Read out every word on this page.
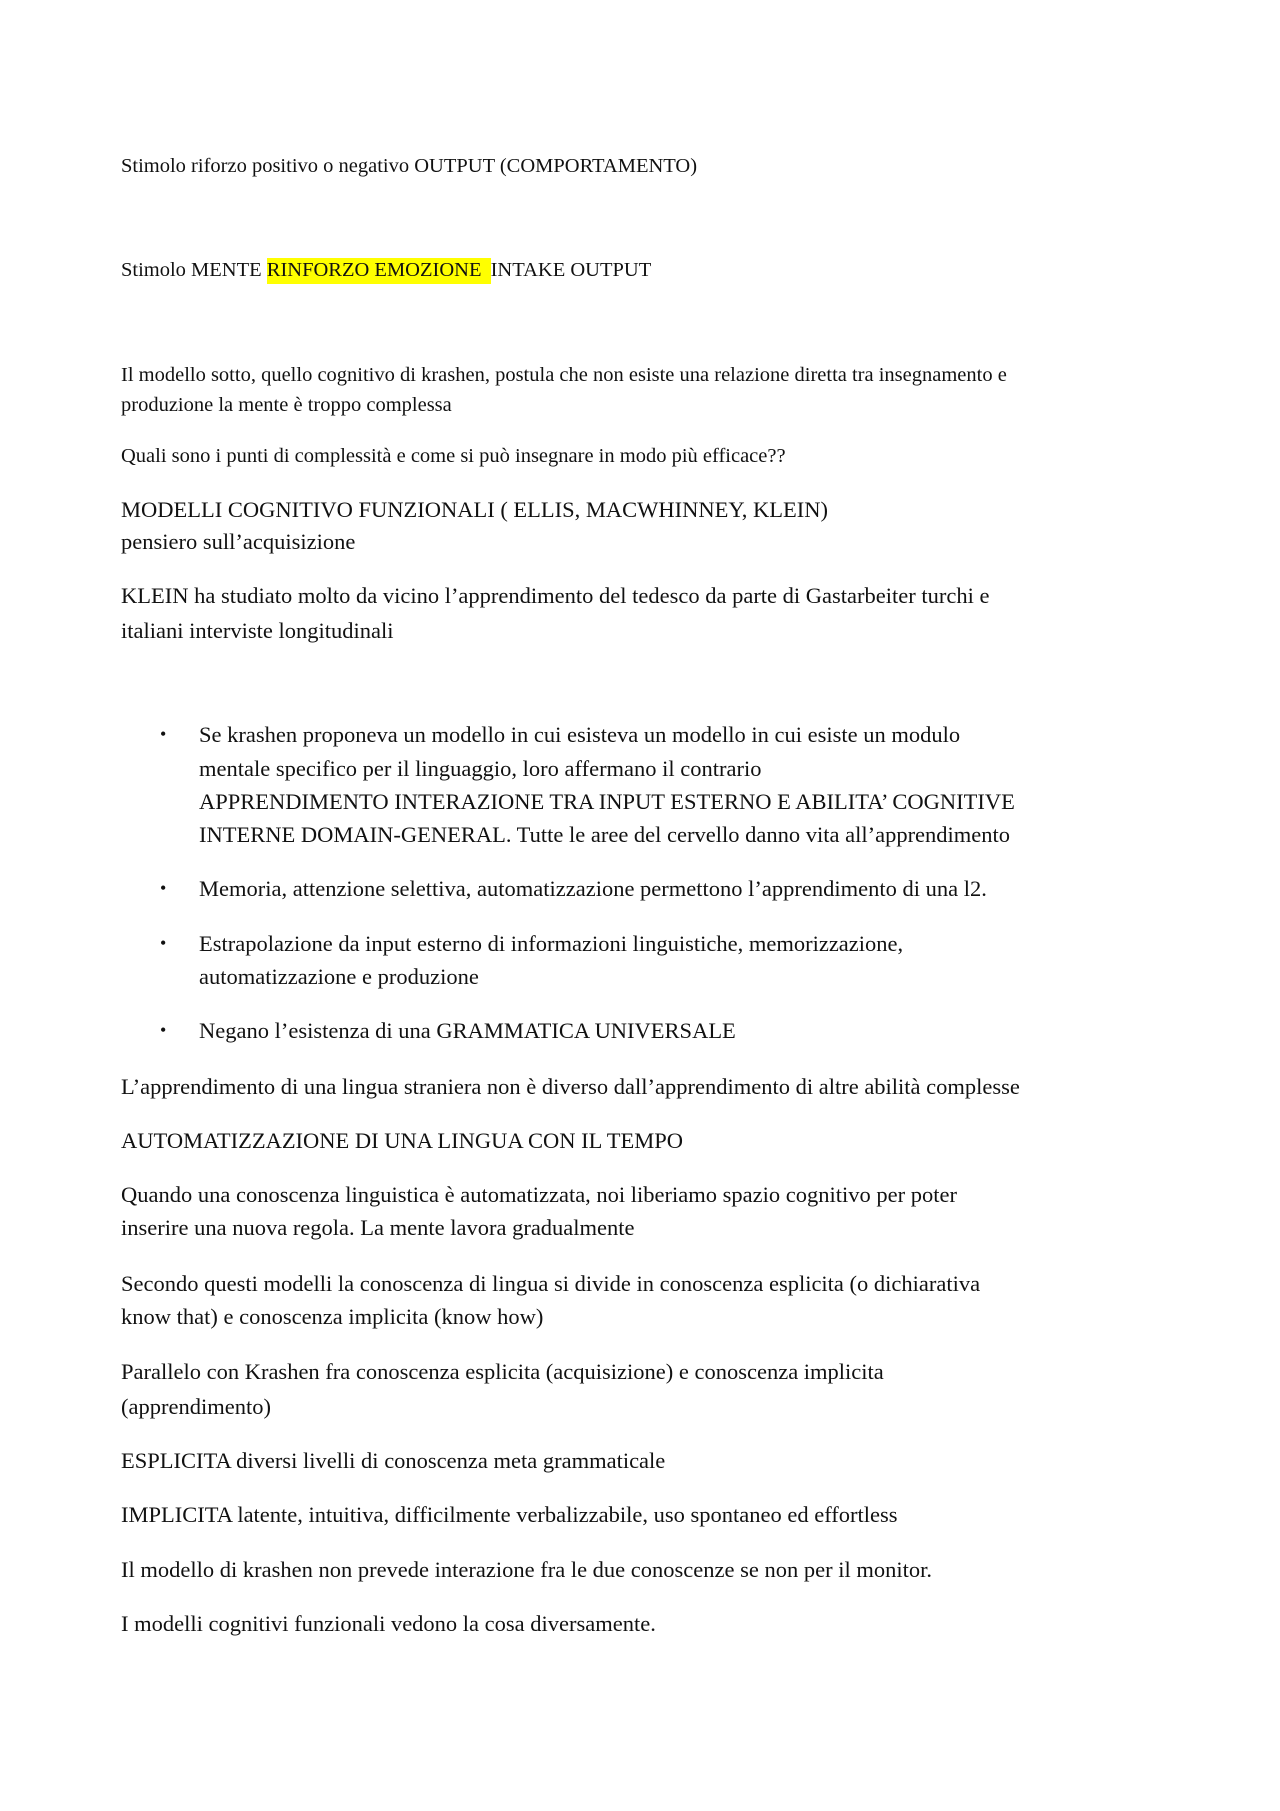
Stimolo riforzo positivo o negativo OUTPUT (COMPORTAMENTO)

Stimolo MENTE RINFORZO EMOZIONE INTAKE OUTPUT

Il modello sotto, quello cognitivo di krashen, postula che non esiste una relazione diretta tra insegnamento e

produzione la mente è troppo complessa

Quali sono i punti di complessità e come si può insegnare in modo più efficace??

MODELLI COGNITIVO FUNZIONALI ( ELLIS, MACWHINNEY, KLEIN)

pensiero sull’acquisizione

KLEIN ha studiato molto da vicino l’apprendimento del tedesco da parte di Gastarbeiter turchi e

italiani interviste longitudinali

• Se krashen proponeva un modello in cui esisteva un modello in cui esiste un modulo
mentale specifico per il linguaggio, loro affermano il contrario
APPRENDIMENTO INTERAZIONE TRA INPUT ESTERNO E ABILITA’ COGNITIVE
INTERNE DOMAIN-GENERAL. Tutte le aree del cervello danno vita all’apprendimento
• Memoria, attenzione selettiva, automatizzazione permettono l’apprendimento di una l2.
• Estrapolazione da input esterno di informazioni linguistiche, memorizzazione,
automatizzazione e produzione
• Negano l’esistenza di una GRAMMATICA UNIVERSALE

L’apprendimento di una lingua straniera non è diverso dall’apprendimento di altre abilità complesse

AUTOMATIZZAZIONE DI UNA LINGUA CON IL TEMPO

Quando una conoscenza linguistica è automatizzata, noi liberiamo spazio cognitivo per poter

inserire una nuova regola. La mente lavora gradualmente

Secondo questi modelli la conoscenza di lingua si divide in conoscenza esplicita (o dichiarativa

know that) e conoscenza implicita (know how)

Parallelo con Krashen fra conoscenza esplicita (acquisizione) e conoscenza implicita

(apprendimento)

ESPLICITA diversi livelli di conoscenza meta grammaticale

IMPLICITA latente, intuitiva, difficilmente verbalizzabile, uso spontaneo ed effortless

Il modello di krashen non prevede interazione fra le due conoscenze se non per il monitor.

I modelli cognitivi funzionali vedono la cosa diversamente.
